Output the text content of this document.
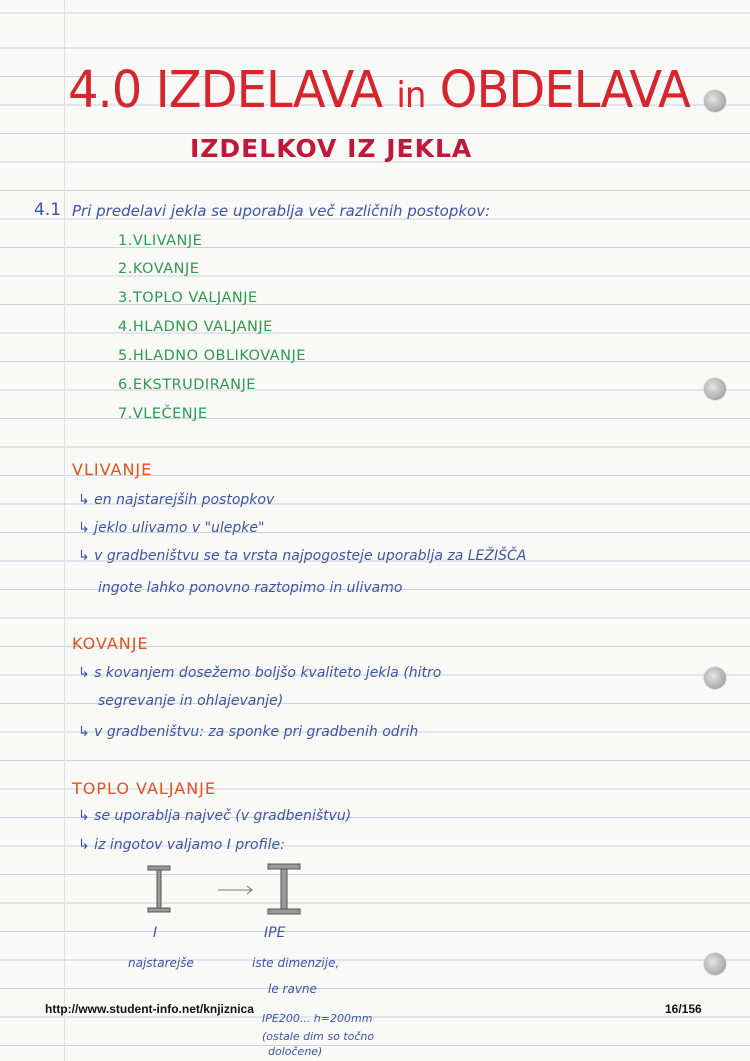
4.0 IZDELAVA in OBDELAVA
IZDELKOV IZ JEKLA
4.1 Pri predelavi jekla se uporablja več različnih postopkov:
1.VLIVANJE
2.KOVANJE
3.TOPLO VALJANJE
4.HLADNO VALJANJE
5.HLADNO OBLIKOVANJE
6.EKSTRUDIRANJE
7.VLEČENJE
VLIVANJE
↳ en najstarejših postopkov
↳ jeklo ulivamo v "ulepke"
↳ v gradbeništvu se ta vrsta najpogosteje uporablja za LEŽIŠČA
ingote lahko ponovno raztopimo in ulivamo
KOVANJE
↳ s kovanjem dosežemo boljšo kvaliteto jekla (hitro
segrevanje in ohlajevanje)
↳ v gradbeništvu: za sponke pri gradbenih odrih
TOPLO VALJANJE
↳ se uporablja največ (v gradbeništvu)
↳ iz ingotov valjamo I profile:
I	IPE
najstarejše	iste dimenzije,
le ravne
IPE200... h=200mm
(ostale dim so točno
določene)
http://www.student-info.net/knjiznica	16/156
